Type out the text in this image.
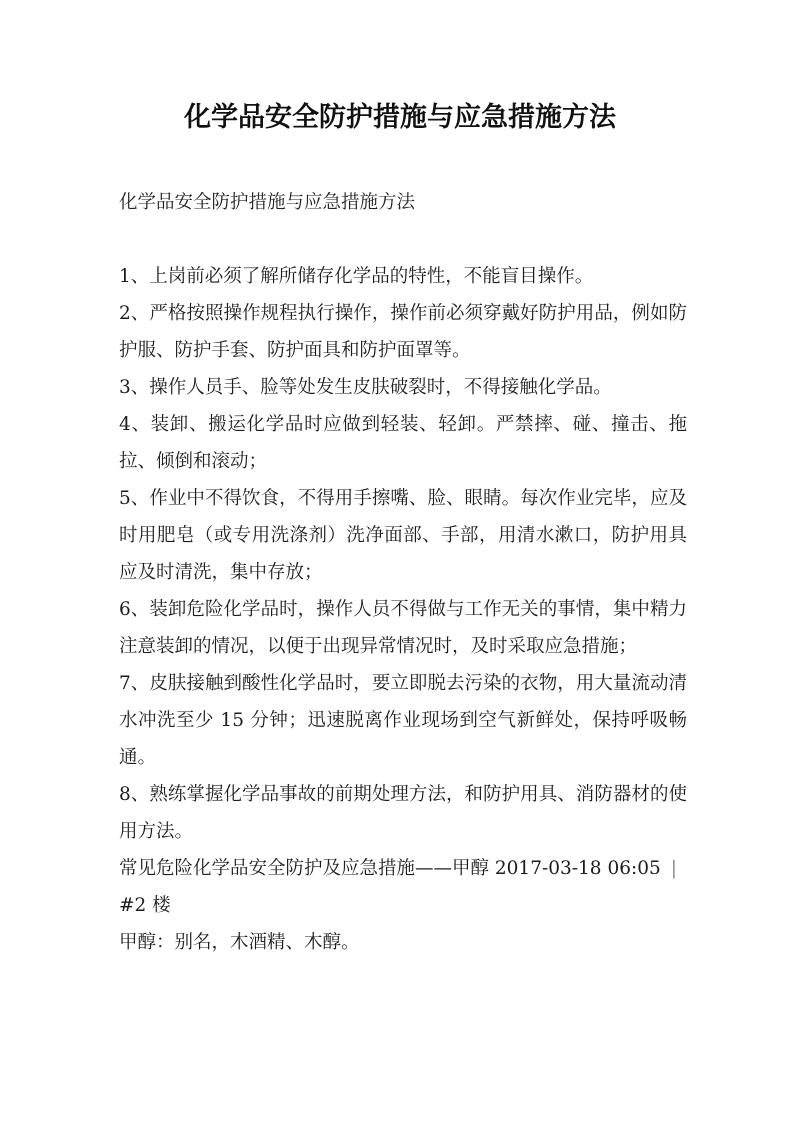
化学品安全防护措施与应急措施方法
化学品安全防护措施与应急措施方法

1、上岗前必须了解所储存化学品的特性，不能盲目操作。

2、严格按照操作规程执行操作，操作前必须穿戴好防护用品，例如防护服、防护手套、防护面具和防护面罩等。

3、操作人员手、脸等处发生皮肤破裂时，不得接触化学品。

4、装卸、搬运化学品时应做到轻装、轻卸。严禁摔、碰、撞击、拖拉、倾倒和滚动；

5、作业中不得饮食，不得用手擦嘴、脸、眼睛。每次作业完毕，应及时用肥皂（或专用洗涤剂）洗净面部、手部，用清水漱口，防护用具应及时清洗，集中存放；

6、装卸危险化学品时，操作人员不得做与工作无关的事情，集中精力注意装卸的情况，以便于出现异常情况时，及时采取应急措施；

7、皮肤接触到酸性化学品时，要立即脱去污染的衣物，用大量流动清水冲洗至少 15 分钟；迅速脱离作业现场到空气新鲜处，保持呼吸畅通。

8、熟练掌握化学品事故的前期处理方法，和防护用具、消防器材的使用方法。

常见危险化学品安全防护及应急措施——甲醇 2017-03-18 06:05 |#2 楼

甲醇：别名，木酒精、木醇。
